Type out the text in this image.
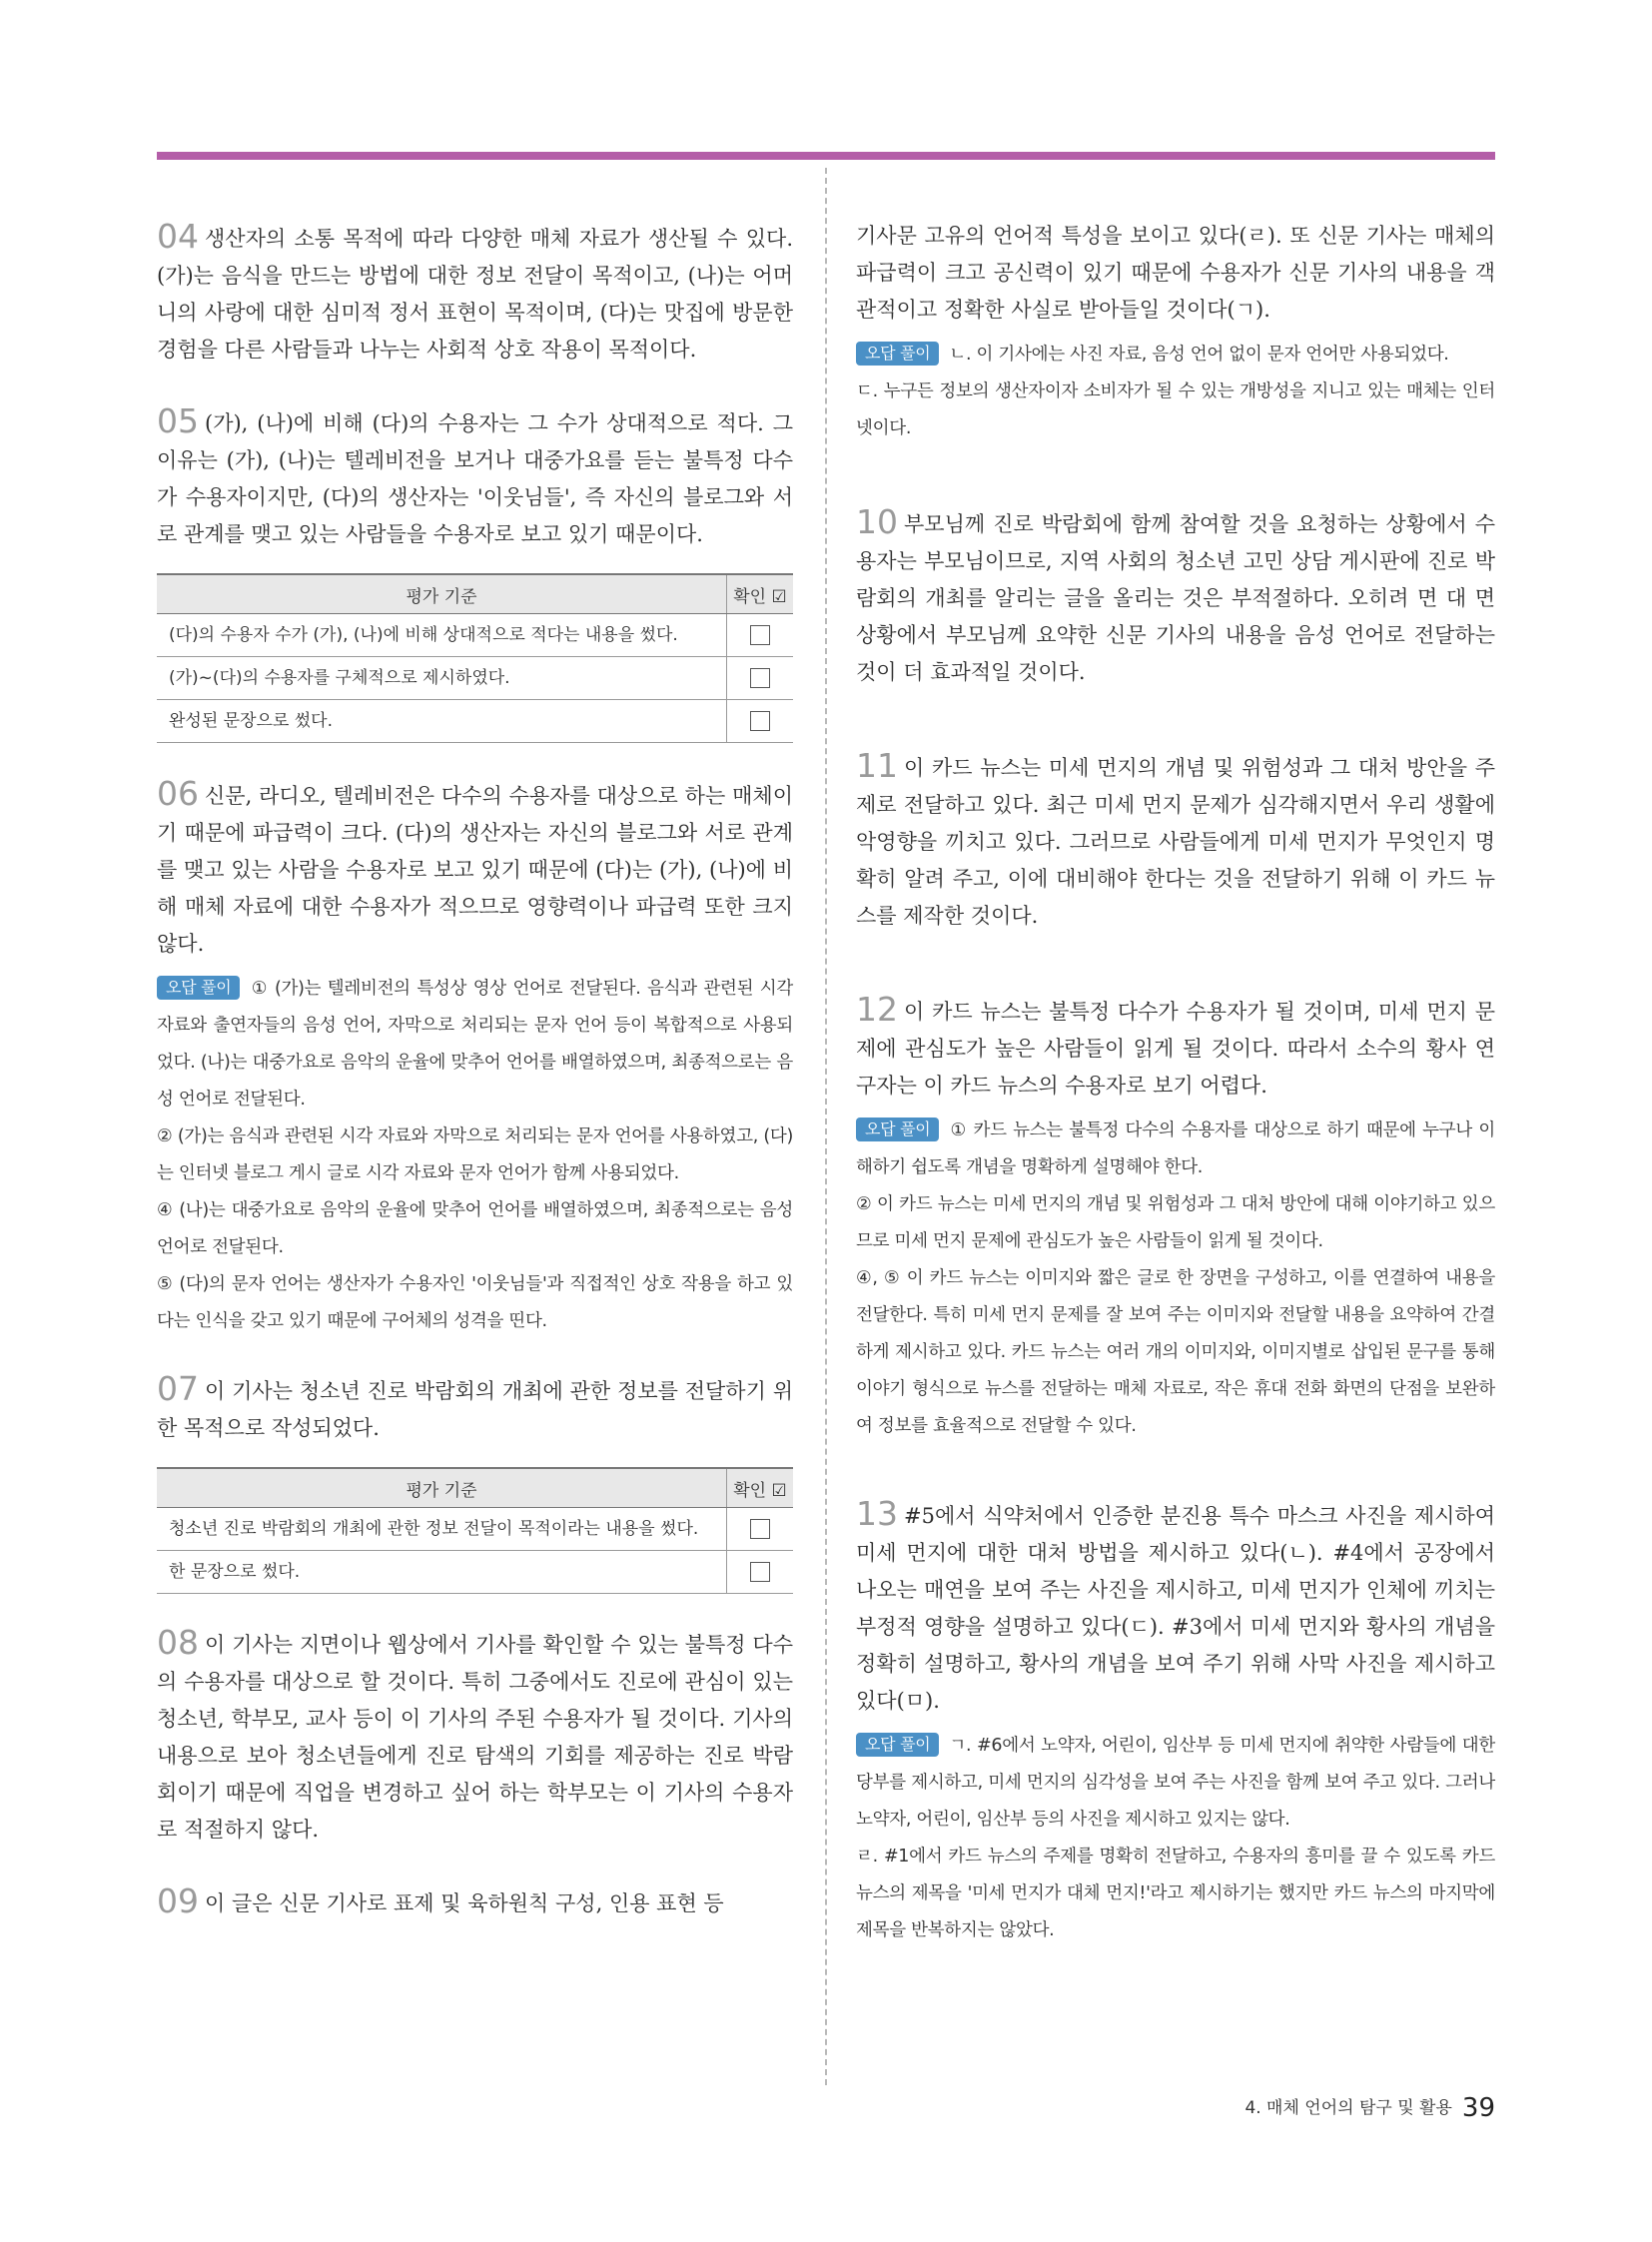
04 생산자의 소통 목적에 따라 다양한 매체 자료가 생산될 수 있다. (가)는 음식을 만드는 방법에 대한 정보 전달이 목적이고, (나)는 어머니의 사랑에 대한 심미적 정서 표현이 목적이며, (다)는 맛집에 방문한 경험을 다른 사람들과 나누는 사회적 상호 작용이 목적이다.

05 (가), (나)에 비해 (다)의 수용자는 그 수가 상대적으로 적다. 그 이유는 (가), (나)는 텔레비전을 보거나 대중가요를 듣는 불특정 다수가 수용자이지만, (다)의 생산자는 '이웃님들', 즉 자신의 블로그와 서로 관계를 맺고 있는 사람들을 수용자로 보고 있기 때문이다.

평가 기준	확인 ☑
(다)의 수용자 수가 (가), (나)에 비해 상대적으로 적다는 내용을 썼다.	
(가)~(다)의 수용자를 구체적으로 제시하였다.	
완성된 문장으로 썼다.	

06 신문, 라디오, 텔레비전은 다수의 수용자를 대상으로 하는 매체이기 때문에 파급력이 크다. (다)의 생산자는 자신의 블로그와 서로 관계를 맺고 있는 사람을 수용자로 보고 있기 때문에 (다)는 (가), (나)에 비해 매체 자료에 대한 수용자가 적으므로 영향력이나 파급력 또한 크지 않다.

오답 풀이 ① (가)는 텔레비전의 특성상 영상 언어로 전달된다. 음식과 관련된 시각 자료와 출연자들의 음성 언어, 자막으로 처리되는 문자 언어 등이 복합적으로 사용되었다. (나)는 대중가요로 음악의 운율에 맞추어 언어를 배열하였으며, 최종적으로는 음성 언어로 전달된다.

② (가)는 음식과 관련된 시각 자료와 자막으로 처리되는 문자 언어를 사용하였고, (다)는 인터넷 블로그 게시 글로 시각 자료와 문자 언어가 함께 사용되었다.

④ (나)는 대중가요로 음악의 운율에 맞추어 언어를 배열하였으며, 최종적으로는 음성 언어로 전달된다.

⑤ (다)의 문자 언어는 생산자가 수용자인 '이웃님들'과 직접적인 상호 작용을 하고 있다는 인식을 갖고 있기 때문에 구어체의 성격을 띤다.

07 이 기사는 청소년 진로 박람회의 개최에 관한 정보를 전달하기 위한 목적으로 작성되었다.

평가 기준	확인 ☑
청소년 진로 박람회의 개최에 관한 정보 전달이 목적이라는 내용을 썼다.	
한 문장으로 썼다.	

08 이 기사는 지면이나 웹상에서 기사를 확인할 수 있는 불특정 다수의 수용자를 대상으로 할 것이다. 특히 그중에서도 진로에 관심이 있는 청소년, 학부모, 교사 등이 이 기사의 주된 수용자가 될 것이다. 기사의 내용으로 보아 청소년들에게 진로 탐색의 기회를 제공하는 진로 박람회이기 때문에 직업을 변경하고 싶어 하는 학부모는 이 기사의 수용자로 적절하지 않다.

09 이 글은 신문 기사로 표제 및 육하원칙 구성, 인용 표현 등

기사문 고유의 언어적 특성을 보이고 있다(ㄹ). 또 신문 기사는 매체의 파급력이 크고 공신력이 있기 때문에 수용자가 신문 기사의 내용을 객관적이고 정확한 사실로 받아들일 것이다(ㄱ).

오답 풀이 ㄴ. 이 기사에는 사진 자료, 음성 언어 없이 문자 언어만 사용되었다.

ㄷ. 누구든 정보의 생산자이자 소비자가 될 수 있는 개방성을 지니고 있는 매체는 인터넷이다.

10 부모님께 진로 박람회에 함께 참여할 것을 요청하는 상황에서 수용자는 부모님이므로, 지역 사회의 청소년 고민 상담 게시판에 진로 박람회의 개최를 알리는 글을 올리는 것은 부적절하다. 오히려 면 대 면 상황에서 부모님께 요약한 신문 기사의 내용을 음성 언어로 전달하는 것이 더 효과적일 것이다.

11 이 카드 뉴스는 미세 먼지의 개념 및 위험성과 그 대처 방안을 주제로 전달하고 있다. 최근 미세 먼지 문제가 심각해지면서 우리 생활에 악영향을 끼치고 있다. 그러므로 사람들에게 미세 먼지가 무엇인지 명확히 알려 주고, 이에 대비해야 한다는 것을 전달하기 위해 이 카드 뉴스를 제작한 것이다.

12 이 카드 뉴스는 불특정 다수가 수용자가 될 것이며, 미세 먼지 문제에 관심도가 높은 사람들이 읽게 될 것이다. 따라서 소수의 황사 연구자는 이 카드 뉴스의 수용자로 보기 어렵다.

오답 풀이 ① 카드 뉴스는 불특정 다수의 수용자를 대상으로 하기 때문에 누구나 이해하기 쉽도록 개념을 명확하게 설명해야 한다.

② 이 카드 뉴스는 미세 먼지의 개념 및 위험성과 그 대처 방안에 대해 이야기하고 있으므로 미세 먼지 문제에 관심도가 높은 사람들이 읽게 될 것이다.

④, ⑤ 이 카드 뉴스는 이미지와 짧은 글로 한 장면을 구성하고, 이를 연결하여 내용을 전달한다. 특히 미세 먼지 문제를 잘 보여 주는 이미지와 전달할 내용을 요약하여 간결하게 제시하고 있다. 카드 뉴스는 여러 개의 이미지와, 이미지별로 삽입된 문구를 통해 이야기 형식으로 뉴스를 전달하는 매체 자료로, 작은 휴대 전화 화면의 단점을 보완하여 정보를 효율적으로 전달할 수 있다.

13 #5에서 식약처에서 인증한 분진용 특수 마스크 사진을 제시하여 미세 먼지에 대한 대처 방법을 제시하고 있다(ㄴ). #4에서 공장에서 나오는 매연을 보여 주는 사진을 제시하고, 미세 먼지가 인체에 끼치는 부정적 영향을 설명하고 있다(ㄷ). #3에서 미세 먼지와 황사의 개념을 정확히 설명하고, 황사의 개념을 보여 주기 위해 사막 사진을 제시하고 있다(ㅁ).

오답 풀이 ㄱ. #6에서 노약자, 어린이, 임산부 등 미세 먼지에 취약한 사람들에 대한 당부를 제시하고, 미세 먼지의 심각성을 보여 주는 사진을 함께 보여 주고 있다. 그러나 노약자, 어린이, 임산부 등의 사진을 제시하고 있지는 않다.

ㄹ. #1에서 카드 뉴스의 주제를 명확히 전달하고, 수용자의 흥미를 끌 수 있도록 카드 뉴스의 제목을 '미세 먼지가 대체 먼지!'라고 제시하기는 했지만 카드 뉴스의 마지막에 제목을 반복하지는 않았다.

4. 매체 언어의 탐구 및 활용 39
